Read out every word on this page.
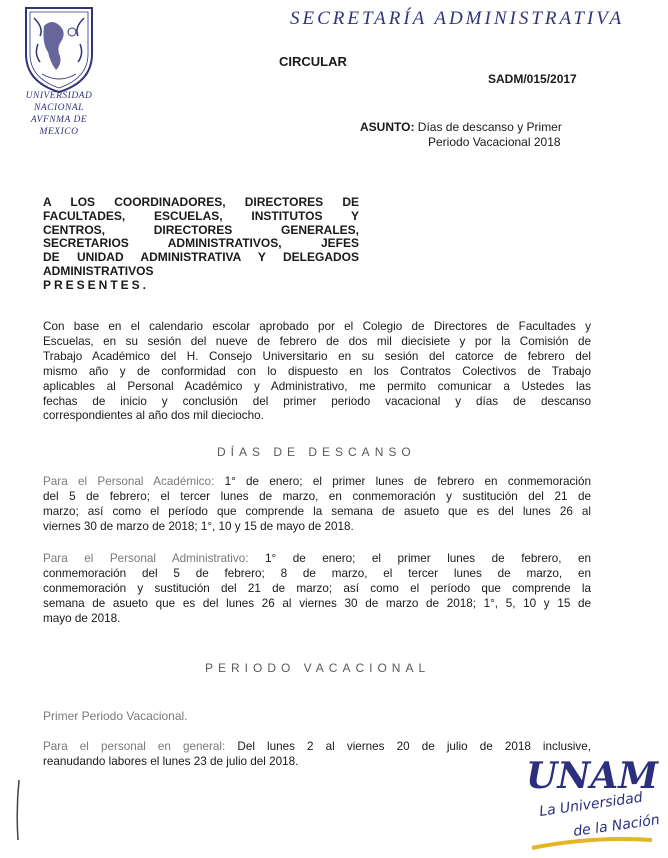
UNIVERSIDAD NACIONAL
AVFNMA DE
MEXICO
SECRETARÍA ADMINISTRATIVA
CIRCULAR
SADM/015/2017
ASUNTO: Días de descanso y Primer
Periodo Vacacional 2018
A LOS COORDINADORES, DIRECTORES DE
FACULTADES, ESCUELAS, INSTITUTOS Y
CENTROS, DIRECTORES GENERALES,
SECRETARIOS ADMINISTRATIVOS, JEFES
DE UNIDAD ADMINISTRATIVA Y DELEGADOS
ADMINISTRATIVOS
PRESENTES.
Con base en el calendario escolar aprobado por el Colegio de Directores de Facultades y
Escuelas, en su sesión del nueve de febrero de dos mil diecisiete y por la Comisión de
Trabajo Académico del H. Consejo Universitario en su sesión del catorce de febrero del
mismo año y de conformidad con lo dispuesto en los Contratos Colectivos de Trabajo
aplicables al Personal Académico y Administrativo, me permito comunicar a Ustedes las
fechas de inicio y conclusión del primer periodo vacacional y días de descanso
correspondientes al año dos mil dieciocho.
DÍAS DE DESCANSO
Para el Personal Académico: 1° de enero; el primer lunes de febrero en conmemoración
del 5 de febrero; el tercer lunes de marzo, en conmemoración y sustitución del 21 de
marzo; así como el período que comprende la semana de asueto que es del lunes 26 al
viernes 30 de marzo de 2018; 1°, 10 y 15 de mayo de 2018.
Para el Personal Administrativo: 1° de enero; el primer lunes de febrero, en
conmemoración del 5 de febrero; 8 de marzo, el tercer lunes de marzo, en
conmemoración y sustitución del 21 de marzo; así como el período que comprende la
semana de asueto que es del lunes 26 al viernes 30 de marzo de 2018; 1°, 5, 10 y 15 de
mayo de 2018.
PERIODO VACACIONAL
Primer Periodo Vacacional.
Para el personal en general: Del lunes 2 al viernes 20 de julio de 2018 inclusive,
reanudando labores el lunes 23 de julio del 2018.	UNAM
La Universidad
de la Nación
